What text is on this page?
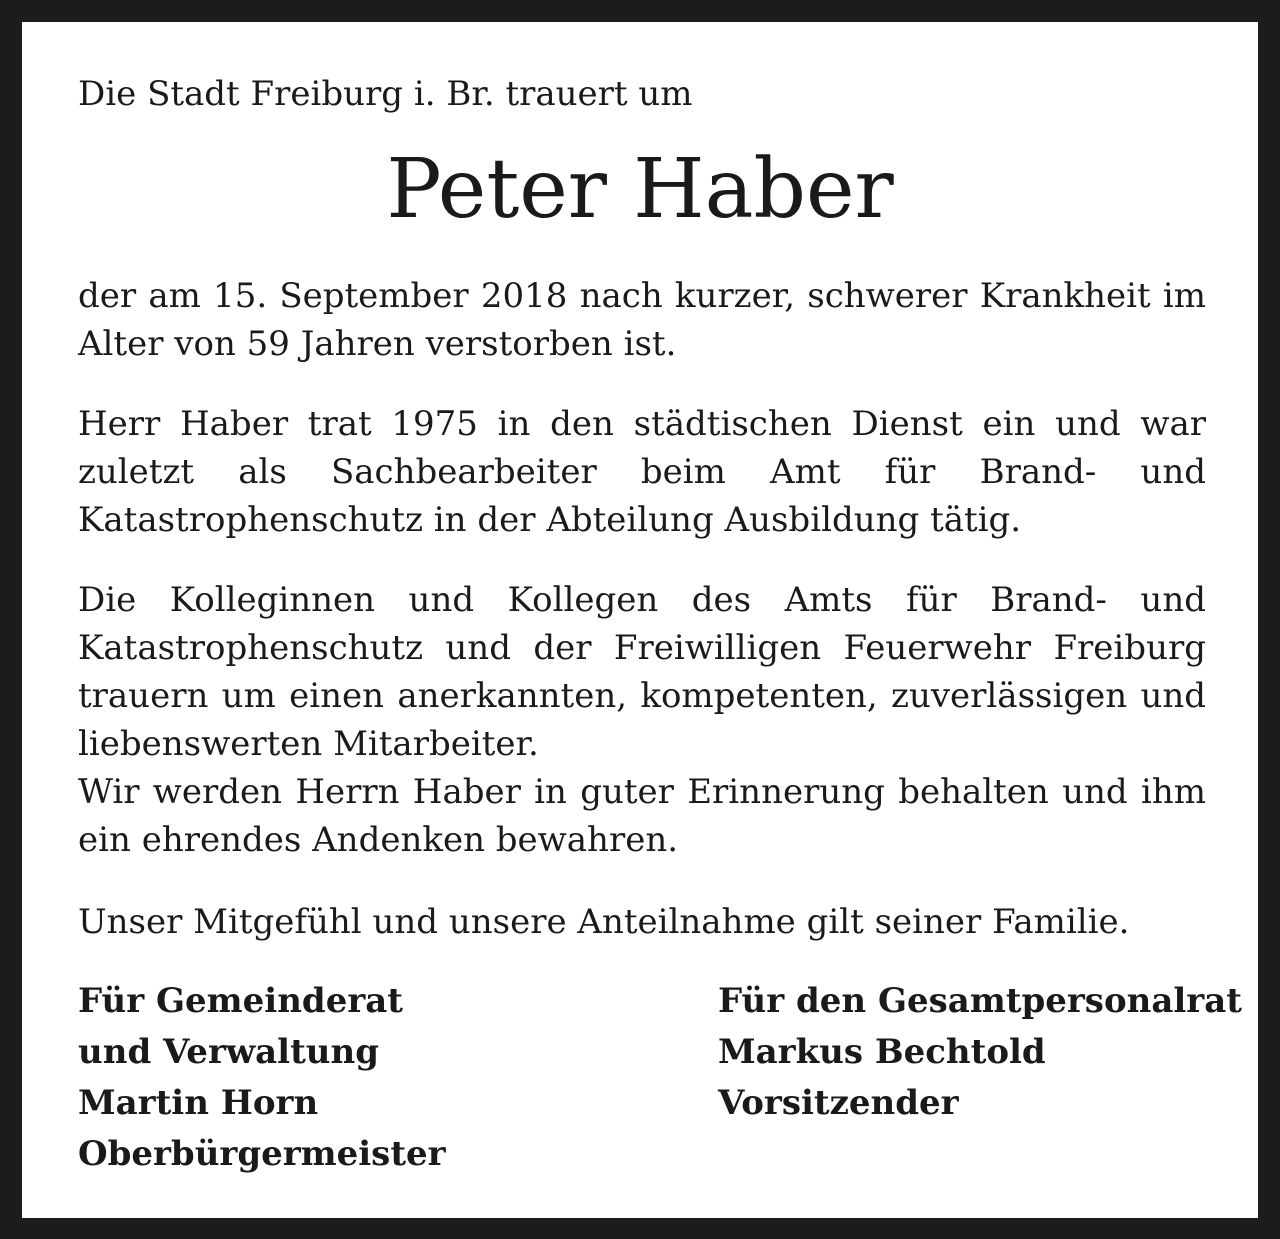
Die Stadt Freiburg i. Br. trauert um
Peter Haber
der am 15. September 2018 nach kurzer, schwerer Krankheit im Alter von 59 Jahren verstorben ist.
Herr Haber trat 1975 in den städtischen Dienst ein und war zuletzt als Sachbearbeiter beim Amt für Brand- und Katastrophenschutz in der Abteilung Ausbildung tätig.
Die Kolleginnen und Kollegen des Amts für Brand- und Katastrophenschutz und der Freiwilligen Feuerwehr Freiburg trauern um einen anerkannten, kompetenten, zuverlässigen und liebenswerten Mitarbeiter.
Wir werden Herrn Haber in guter Erinnerung behalten und ihm ein ehrendes Andenken bewahren.
Unser Mitgefühl und unsere Anteilnahme gilt seiner Familie.
Für Gemeinderat
und Verwaltung
Martin Horn
Oberbürgermeister
Für den Gesamtpersonalrat
Markus Bechtold
Vorsitzender
